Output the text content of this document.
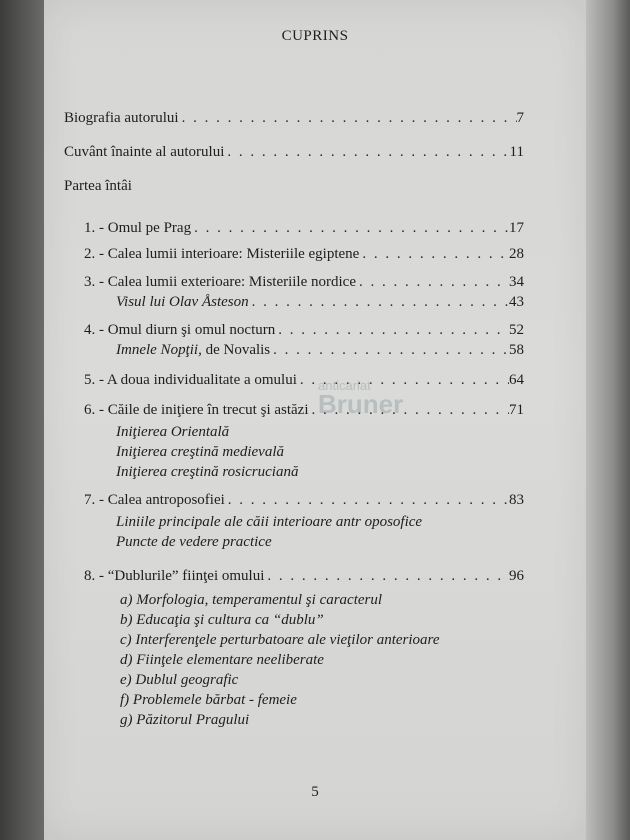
CUPRINS
Biografia autorului . . .	7
Cuvânt înainte al autorului . . .	11
Partea întâi
1. - Omul pe Prag . . .	17
2. - Calea lumii interioare: Misteriile egiptene . . .	28
3. - Calea lumii exterioare: Misteriile nordice . . .	34
Visul lui Olav Åsteson . . .	43
4. - Omul diurn şi omul nocturn . . .	52
Imnele Nopţii, de Novalis . . .	58
5. - A doua individualitate a omului . . .	64
6. - Căile de iniţiere în trecut şi astăzi . . .	71
Iniţierea Orientală
Iniţierea creştină medievală
Iniţierea creştină rosicruciană
7. - Calea antroposofiei . . .	83
Liniile principale ale căii interioare antr oposofice
Puncte de vedere practice
8. - “Dublurile” fiinţei omului . . .	96
a) Morfologia, temperamentul şi caracterul
b) Educaţia şi cultura ca “dublu”
c) Interferenţele perturbatoare ale vieţilor anterioare
d) Fiinţele elementare neeliberate
e) Dublul geografic
f) Problemele bărbat - femeie
g) Păzitorul Pragului
5
anticariat
Bruner
